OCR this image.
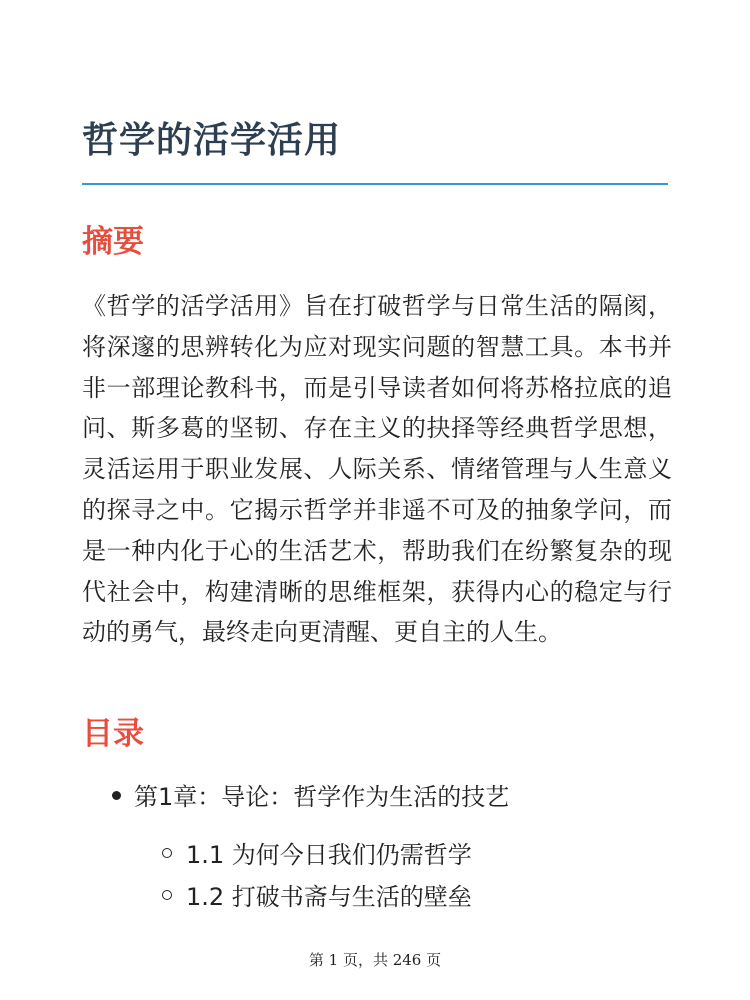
哲学的活学活用
摘要

《哲学的活学活用》旨在打破哲学与日常生活的隔阂，将深邃的思辨转化为应对现实问题的智慧工具。本书并非一部理论教科书，而是引导读者如何将苏格拉底的追问、斯多葛的坚韧、存在主义的抉择等经典哲学思想，灵活运用于职业发展、人际关系、情绪管理与人生意义的探寻之中。它揭示哲学并非遥不可及的抽象学问，而是一种内化于心的生活艺术，帮助我们在纷繁复杂的现代社会中，构建清晰的思维框架，获得内心的稳定与行动的勇气，最终走向更清醒、更自主的人生。

目录
第1章：导论：哲学作为生活的技艺
1.1 为何今日我们仍需哲学
1.2 打破书斋与生活的壁垒
第 1 页，共 246 页
